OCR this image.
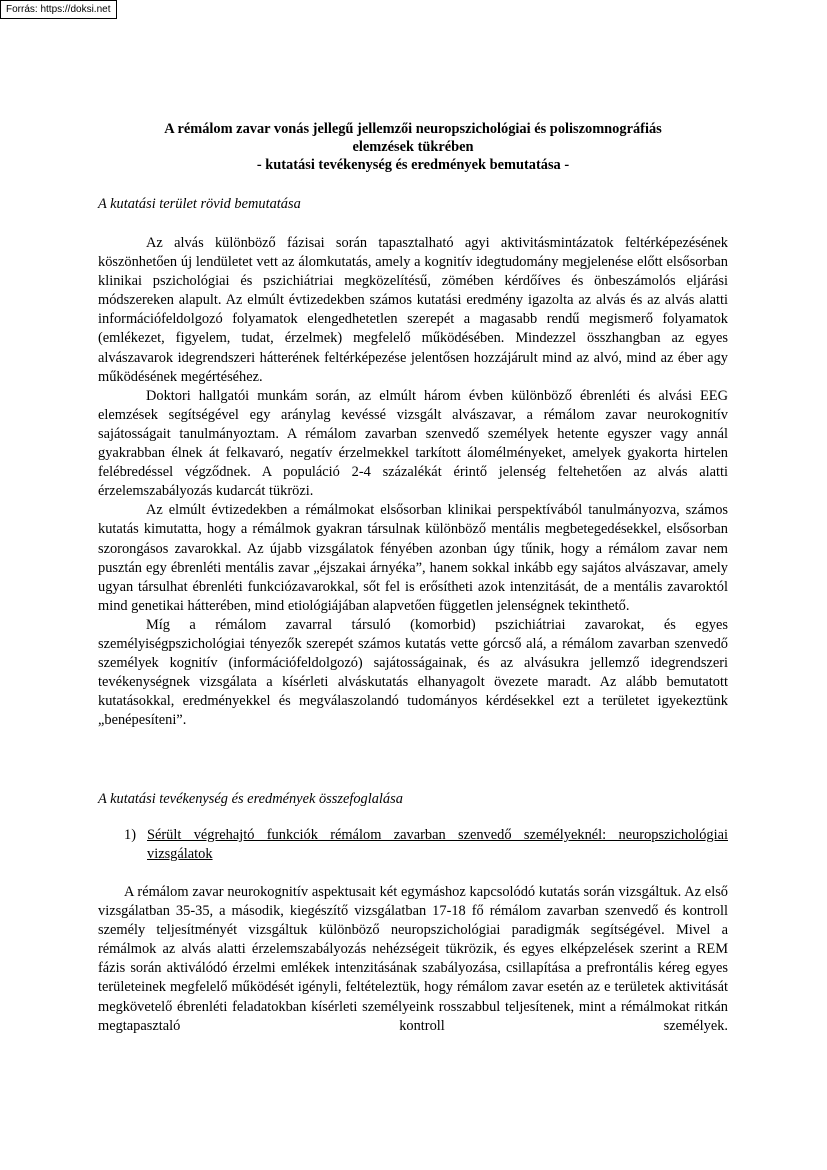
Forrás: https://doksi.net
A rémálom zavar vonás jellegű jellemzői neuropszichológiai és poliszomnográfiás
elemzések tükrében
- kutatási tevékenység és eredmények bemutatása -
A kutatási terület rövid bemutatása

Az alvás különböző fázisai során tapasztalható agyi aktivitásmintázatok feltérképezésének köszönhetően új lendületet vett az álomkutatás, amely a kognitív idegtudomány megjelenése előtt elsősorban klinikai pszichológiai és pszichiátriai megközelítésű, zömében kérdőíves és önbeszámolós eljárási módszereken alapult. Az elmúlt évtizedekben számos kutatási eredmény igazolta az alvás és az alvás alatti információfeldolgozó folyamatok elengedhetetlen szerepét a magasabb rendű megismerő folyamatok (emlékezet, figyelem, tudat, érzelmek) megfelelő működésében. Mindezzel összhangban az egyes alvászavarok idegrendszeri hátterének feltérképezése jelentősen hozzájárult mind az alvó, mind az éber agy működésének megértéséhez.

Doktori hallgatói munkám során, az elmúlt három évben különböző ébrenléti és alvási EEG elemzések segítségével egy aránylag kevéssé vizsgált alvászavar, a rémálom zavar neurokognitív sajátosságait tanulmányoztam. A rémálom zavarban szenvedő személyek hetente egyszer vagy annál gyakrabban élnek át felkavaró, negatív érzelmekkel tarkított álomélményeket, amelyek gyakorta hirtelen felébredéssel végződnek. A populáció 2-4 százalékát érintő jelenség feltehetően az alvás alatti érzelemszabályozás kudarcát tükrözi.

Az elmúlt évtizedekben a rémálmokat elsősorban klinikai perspektívából tanulmányozva, számos kutatás kimutatta, hogy a rémálmok gyakran társulnak különböző mentális megbetegedésekkel, elsősorban szorongásos zavarokkal. Az újabb vizsgálatok fényében azonban úgy tűnik, hogy a rémálom zavar nem pusztán egy ébrenléti mentális zavar „éjszakai árnyéka”, hanem sokkal inkább egy sajátos alvászavar, amely ugyan társulhat ébrenléti funkciózavarokkal, sőt fel is erősítheti azok intenzitását, de a mentális zavaroktól mind genetikai hátterében, mind etiológiájában alapvetően független jelenségnek tekinthető.

Míg a rémálom zavarral társuló (komorbid) pszichiátriai zavarokat, és egyes személyiségpszichológiai tényezők szerepét számos kutatás vette górcső alá, a rémálom zavarban szenvedő személyek kognitív (információfeldolgozó) sajátosságainak, és az alvásukra jellemző idegrendszeri tevékenységnek vizsgálata a kísérleti alváskutatás elhanyagolt övezete maradt. Az alább bemutatott kutatásokkal, eredményekkel és megválaszolandó tudományos kérdésekkel ezt a területet igyekeztünk „benépesíteni”.

A kutatási tevékenység és eredmények összefoglalása
1) Sérült végrehajtó funkciók rémálom zavarban szenvedő személyeknél: neuropszichológiai vizsgálatok

A rémálom zavar neurokognitív aspektusait két egymáshoz kapcsolódó kutatás során vizsgáltuk. Az első vizsgálatban 35-35, a második, kiegészítő vizsgálatban 17-18 fő rémálom zavarban szenvedő és kontroll személy teljesítményét vizsgáltuk különböző neuropszichológiai paradigmák segítségével. Mivel a rémálmok az alvás alatti érzelemszabályozás nehézségeit tükrözik, és egyes elképzelések szerint a REM fázis során aktiválódó érzelmi emlékek intenzitásának szabályozása, csillapítása a prefrontális kéreg egyes területeinek megfelelő működését igényli, feltételeztük, hogy rémálom zavar esetén az e területek aktivitását megkövetelő ébrenléti feladatokban kísérleti személyeink rosszabbul teljesítenek, mint a rémálmokat ritkán megtapasztaló kontroll személyek.
